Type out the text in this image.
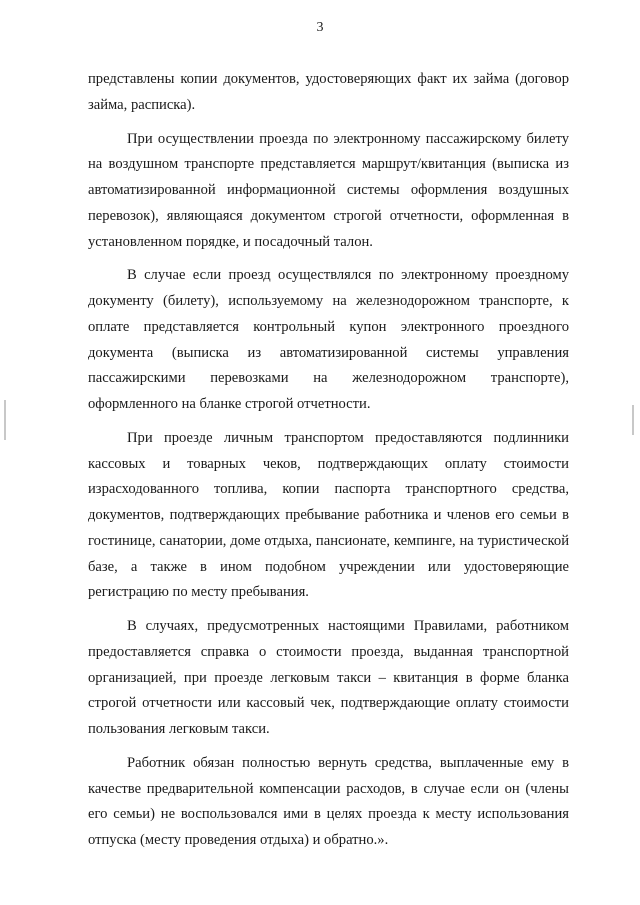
3

представлены копии документов, удостоверяющих факт их займа (договор займа, расписка).

При осуществлении проезда по электронному пассажирскому билету на воздушном транспорте представляется маршрут/квитанция (выписка из автоматизированной информационной системы оформления воздушных перевозок), являющаяся документом строгой отчетности, оформленная в установленном порядке, и посадочный талон.

В случае если проезд осуществлялся по электронному проездному документу (билету), используемому на железнодорожном транспорте, к оплате представляется контрольный купон электронного проездного документа (выписка из автоматизированной системы управления пассажирскими перевозками на железнодорожном транспорте), оформленного на бланке строгой отчетности.

При проезде личным транспортом предоставляются подлинники кассовых и товарных чеков, подтверждающих оплату стоимости израсходованного топлива, копии паспорта транспортного средства, документов, подтверждающих пребывание работника и членов его семьи в гостинице, санатории, доме отдыха, пансионате, кемпинге, на туристической базе, а также в ином подобном учреждении или удостоверяющие регистрацию по месту пребывания.

В случаях, предусмотренных настоящими Правилами, работником предоставляется справка о стоимости проезда, выданная транспортной организацией, при проезде легковым такси – квитанция в форме бланка строгой отчетности или кассовый чек, подтверждающие оплату стоимости пользования легковым такси.

Работник обязан полностью вернуть средства, выплаченные ему в качестве предварительной компенсации расходов, в случае если он (члены его семьи) не воспользовался ими в целях проезда к месту использования отпуска (месту проведения отдыха) и обратно.».
